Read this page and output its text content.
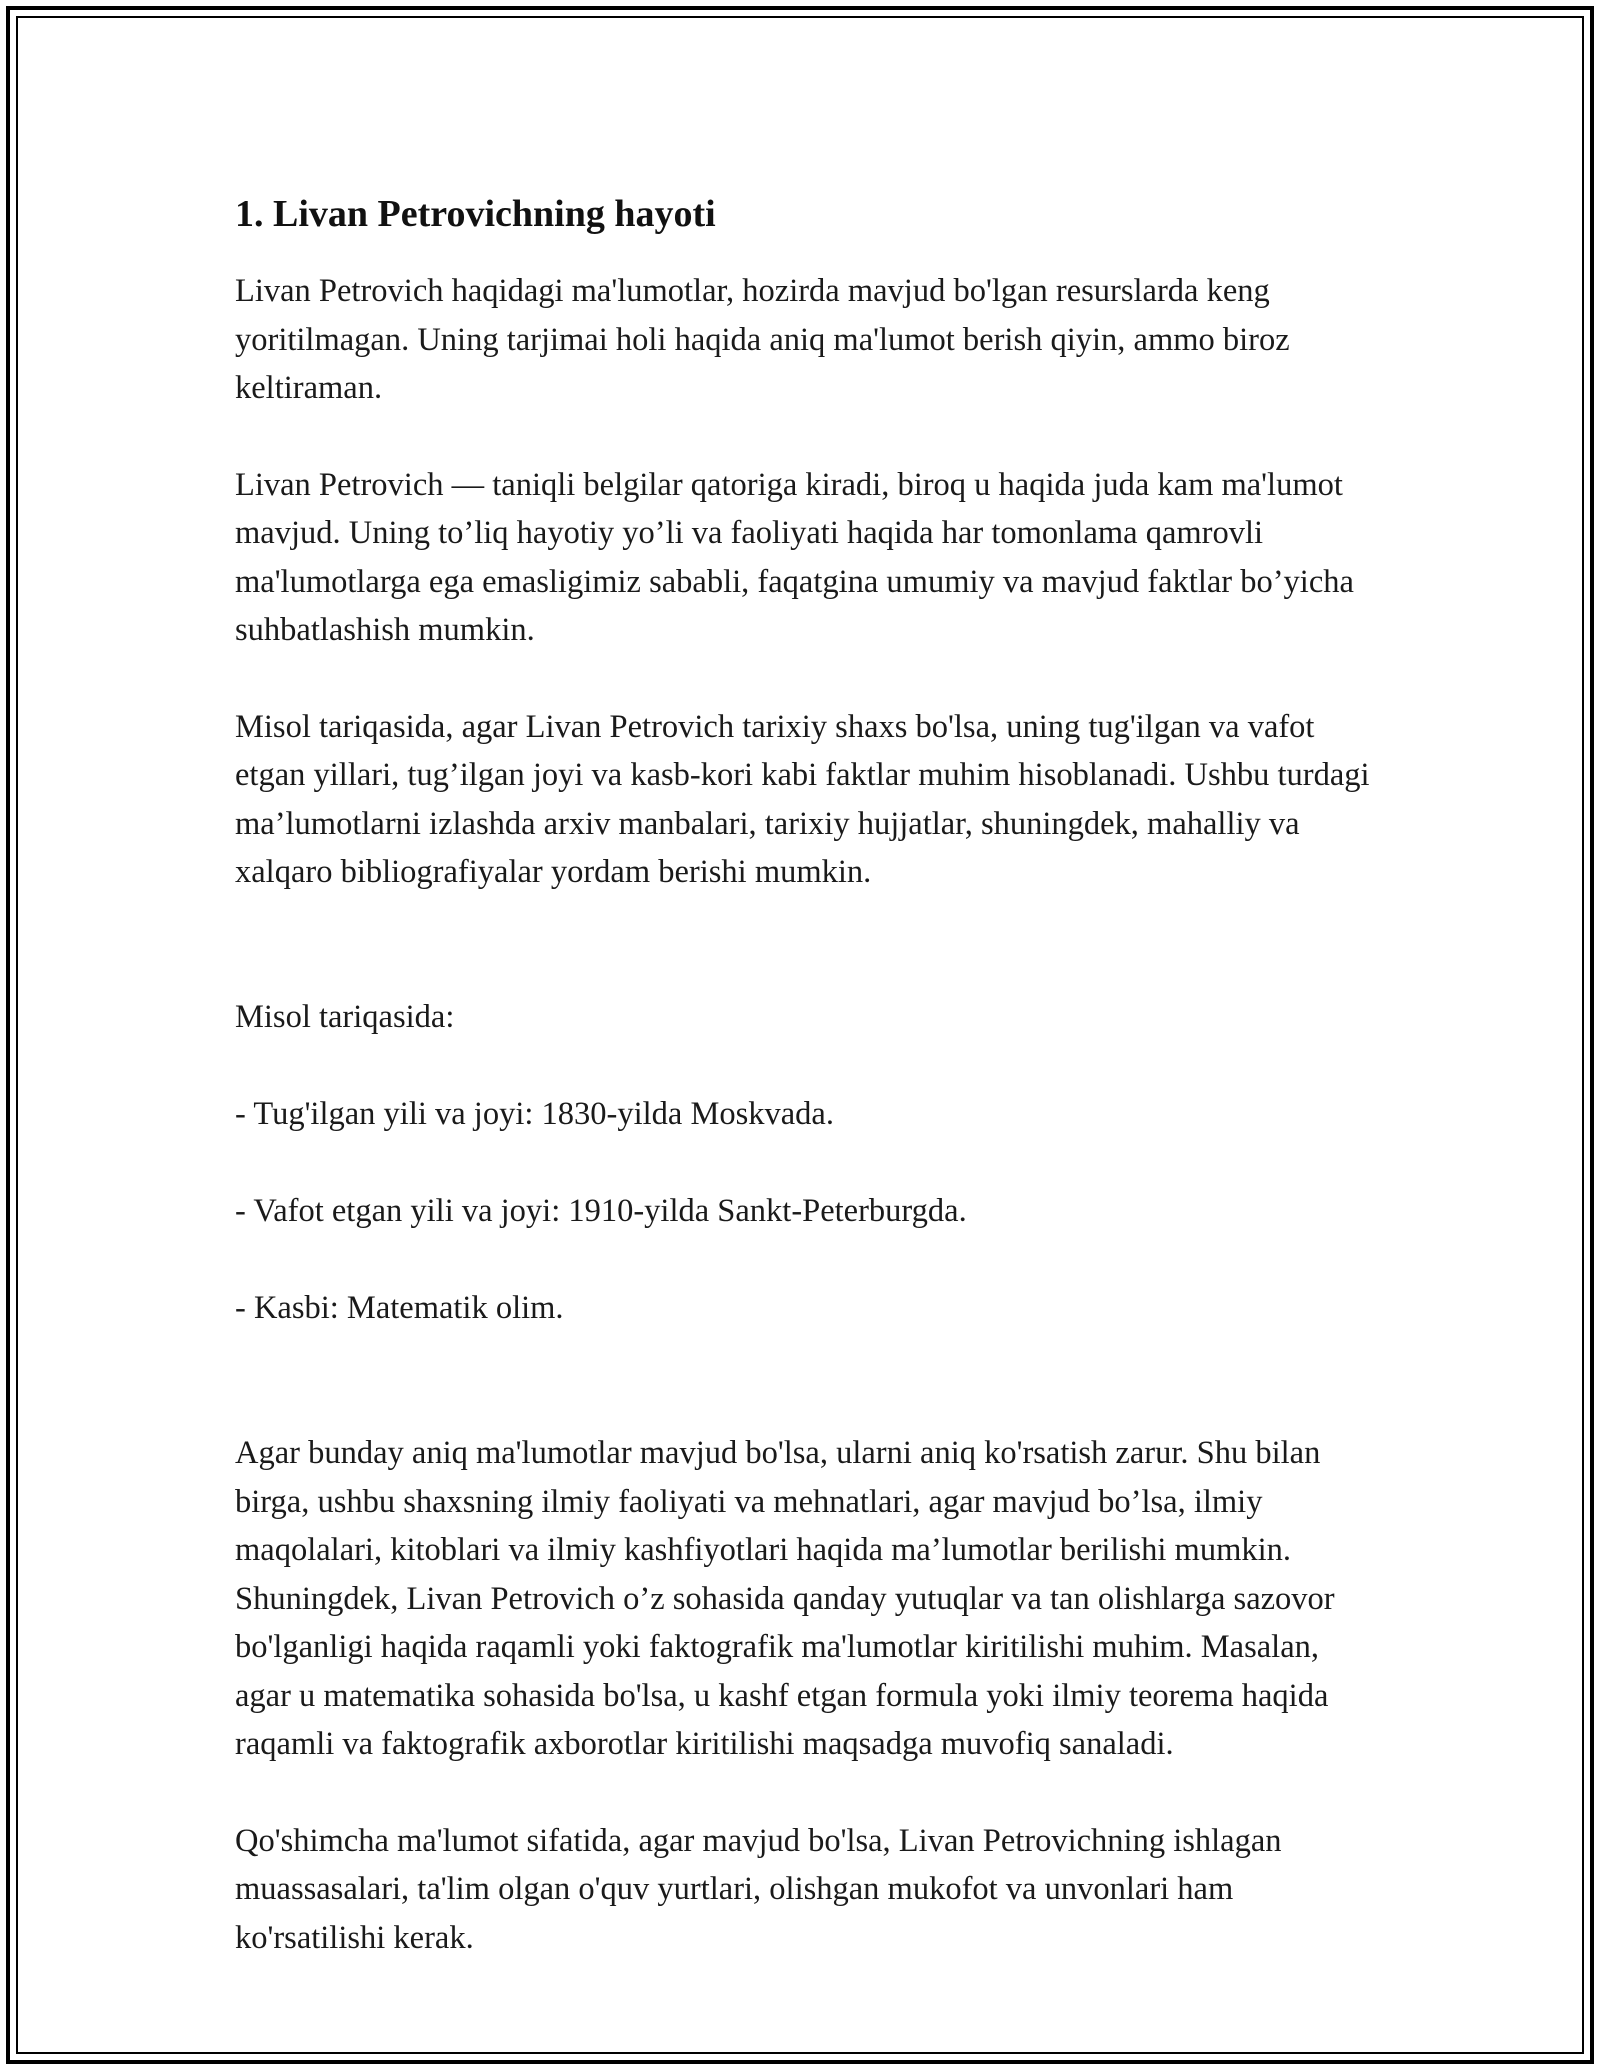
1. Livan Petrovichning hayoti

Livan Petrovich haqidagi ma'lumotlar, hozirda mavjud bo'lgan resurslarda keng yoritilmagan. Uning tarjimai holi haqida aniq ma'lumot berish qiyin, ammo biroz keltiraman.

Livan Petrovich — taniqli belgilar qatoriga kiradi, biroq u haqida juda kam ma'lumot mavjud. Uning to’liq hayotiy yo’li va faoliyati haqida har tomonlama qamrovli ma'lumotlarga ega emasligimiz sababli, faqatgina umumiy va mavjud faktlar bo’yicha suhbatlashish mumkin.

Misol tariqasida, agar Livan Petrovich tarixiy shaxs bo'lsa, uning tug'ilgan va vafot etgan yillari, tug’ilgan joyi va kasb-kori kabi faktlar muhim hisoblanadi. Ushbu turdagi ma’lumotlarni izlashda arxiv manbalari, tarixiy hujjatlar, shuningdek, mahalliy va xalqaro bibliografiyalar yordam berishi mumkin.

Misol tariqasida:

- Tug'ilgan yili va joyi: 1830-yilda Moskvada.

- Vafot etgan yili va joyi: 1910-yilda Sankt-Peterburgda.

- Kasbi: Matematik olim.

Agar bunday aniq ma'lumotlar mavjud bo'lsa, ularni aniq ko'rsatish zarur. Shu bilan birga, ushbu shaxsning ilmiy faoliyati va mehnatlari, agar mavjud bo’lsa, ilmiy maqolalari, kitoblari va ilmiy kashfiyotlari haqida ma’lumotlar berilishi mumkin. Shuningdek, Livan Petrovich o’z sohasida qanday yutuqlar va tan olishlarga sazovor bo'lganligi haqida raqamli yoki faktografik ma'lumotlar kiritilishi muhim. Masalan, agar u matematika sohasida bo'lsa, u kashf etgan formula yoki ilmiy teorema haqida raqamli va faktografik axborotlar kiritilishi maqsadga muvofiq sanaladi.

Qo'shimcha ma'lumot sifatida, agar mavjud bo'lsa, Livan Petrovichning ishlagan muassasalari, ta'lim olgan o'quv yurtlari, olishgan mukofot va unvonlari ham ko'rsatilishi kerak.
